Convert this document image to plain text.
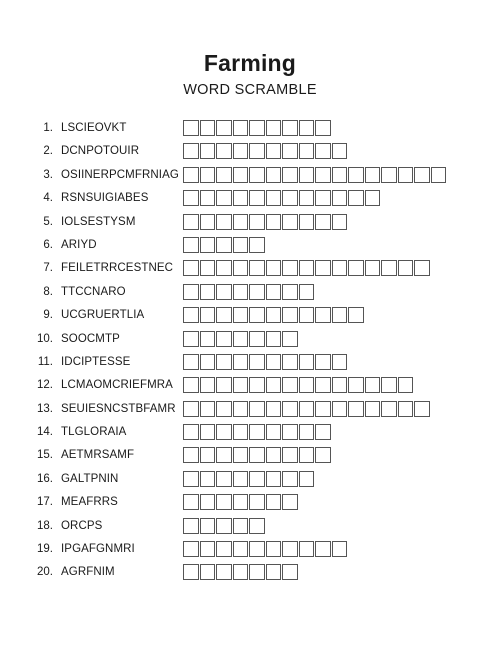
Farming
WORD SCRAMBLE
1. LSCIEOVKT
2. DCNPOTOUIR
3. OSIINERPCMFRNIAG
4. RSNSUIGIABES
5. IOLSESTYSM
6. ARIYD
7. FEILETRRCESTNEC
8. TTCCNARO
9. UCGRUERTLIA
10. SOOCMTP
11. IDCIPTESSE
12. LCMAOMCRIEFMRA
13. SEUIESNCSTBFAMR
14. TLGLORAIA
15. AETMRSAMF
16. GALTPNIN
17. MEAFRRS
18. ORCPS
19. IPGAFGNMRI
20. AGRFNIM
